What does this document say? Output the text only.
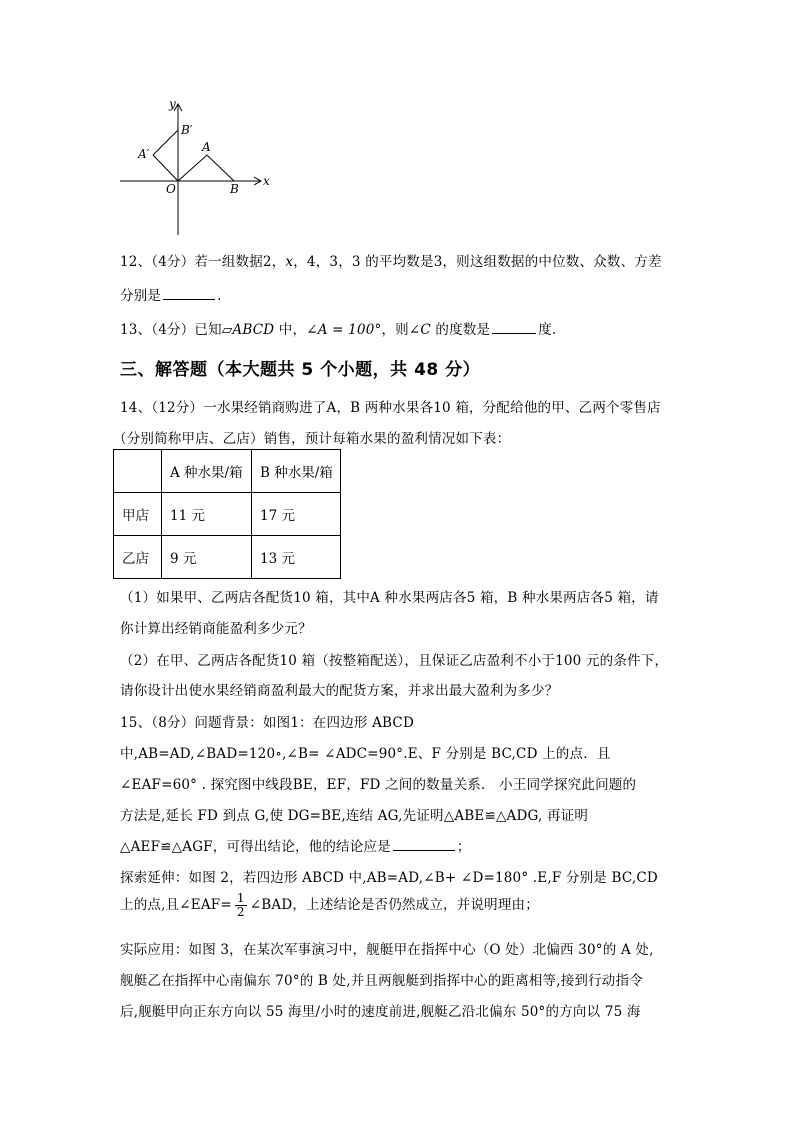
y
x
O
A
B
A′
B′
12、（4分）若一组数据2，x，4，3，3 的平均数是3，则这组数据的中位数、众数、方差
分别是	.
13、（4分）已知▱ABCD 中，∠A = 100°，则∠C 的度数是	度.
三、解答题（本大题共 5 个小题，共 48 分）
14、（12分）一水果经销商购进了A，B 两种水果各10 箱，分配给他的甲、乙两个零售店
（分别简称甲店、乙店）销售，预计每箱水果的盈利情况如下表：
	A 种水果/箱	B 种水果/箱
甲店	11 元	17 元
乙店	9 元	13 元
（1）如果甲、乙两店各配货10 箱，其中A 种水果两店各5 箱，B 种水果两店各5 箱，请
你计算出经销商能盈利多少元？
（2）在甲、乙两店各配货10 箱（按整箱配送），且保证乙店盈利不小于100 元的条件下，
请你设计出使水果经销商盈利最大的配货方案，并求出最大盈利为多少？
15、（8分）问题背景：如图1：在四边形 ABCD
中,AB=AD,∠BAD=120∘,∠B= ∠ADC=90°.E、F 分别是 BC,CD 上的点．且
∠EAF=60° . 探究图中线段BE，EF，FD 之间的数量关系． 小王同学探究此问题的
方法是,延长 FD 到点 G,使 DG=BE,连结 AG,先证明△ABE≌△ADG, 再证明
△AEF≌△AGF，可得出结论，他的结论应是	；
探索延伸：如图 2，若四边形 ABCD 中,AB=AD,∠B+ ∠D=180° .E,F 分别是 BC,CD
上的点,且∠EAF= $\frac{1}{2}$ ∠BAD，上述结论是否仍然成立，并说明理由；
实际应用：如图 3，在某次军事演习中，舰艇甲在指挥中心（O 处）北偏西 30°的 A 处,
舰艇乙在指挥中心南偏东 70°的 B 处,并且两舰艇到指挥中心的距离相等,接到行动指令
后,舰艇甲向正东方向以 55 海里/小时的速度前进,舰艇乙沿北偏东 50°的方向以 75 海
